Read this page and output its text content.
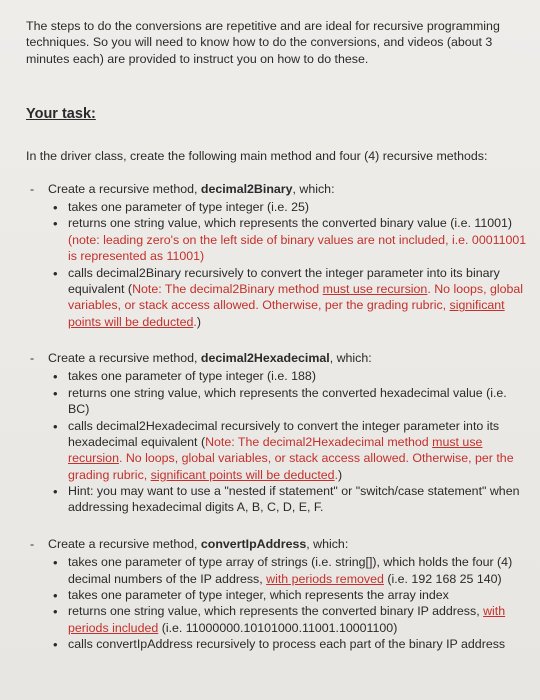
The steps to do the conversions are repetitive and are ideal for recursive programming techniques. So you will need to know how to do the conversions, and videos (about 3 minutes each) are provided to instruct you on how to do these.

Your task:

In the driver class, create the following main method and four (4) recursive methods:

- Create a recursive method, decimal2Binary, which:

• takes one parameter of type integer (i.e. 25)
• returns one string value, which represents the converted binary value (i.e. 11001) (note: leading zero's on the left side of binary values are not included, i.e. 00011001 is represented as 11001)
• calls decimal2Binary recursively to convert the integer parameter into its binary equivalent (Note: The decimal2Binary method must use recursion. No loops, global variables, or stack access allowed. Otherwise, per the grading rubric, significant points will be deducted.)
- Create a recursive method, decimal2Hexadecimal, which:

• takes one parameter of type integer (i.e. 188)
• returns one string value, which represents the converted hexadecimal value (i.e. BC)
• calls decimal2Hexadecimal recursively to convert the integer parameter into its hexadecimal equivalent (Note: The decimal2Hexadecimal method must use recursion. No loops, global variables, or stack access allowed. Otherwise, per the grading rubric, significant points will be deducted.)
• Hint: you may want to use a "nested if statement" or "switch/case statement" when addressing hexadecimal digits A, B, C, D, E, F.
- Create a recursive method, convertIpAddress, which:

• takes one parameter of type array of strings (i.e. string[]), which holds the four (4) decimal numbers of the IP address, with periods removed (i.e. 192 168 25 140)
• takes one parameter of type integer, which represents the array index
• returns one string value, which represents the converted binary IP address, with periods included (i.e. 11000000.10101000.11001.10001100)
• calls convertIpAddress recursively to process each part of the binary IP address
